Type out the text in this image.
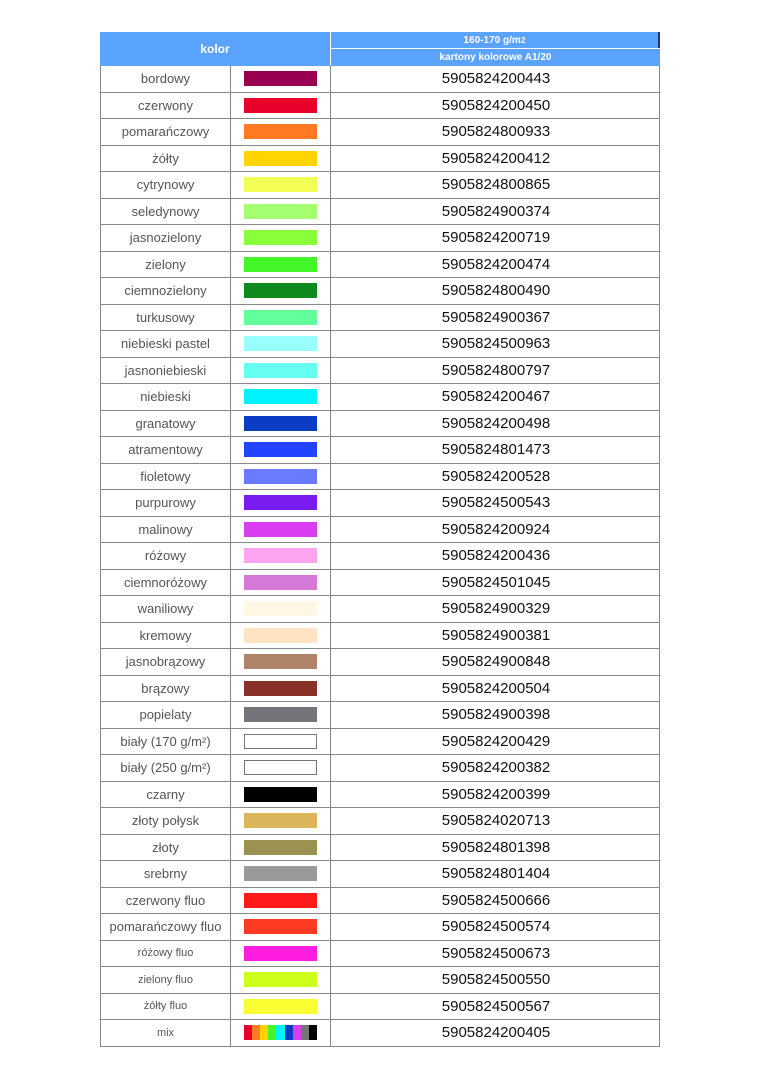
kolor
160-170 g/m 2
kartony kolorowe A1/20
bordowy	5905824200443
czerwony	5905824200450
pomarańczowy	5905824800933
żółty	5905824200412
cytrynowy	5905824800865
seledynowy	5905824900374
jasnozielony	5905824200719
zielony	5905824200474
ciemnozielony	5905824800490
turkusowy	5905824900367
niebieski pastel	5905824500963
jasnoniebieski	5905824800797
niebieski	5905824200467
granatowy	5905824200498
atramentowy	5905824801473
fioletowy	5905824200528
purpurowy	5905824500543
malinowy	5905824200924
różowy	5905824200436
ciemnoróżowy	5905824501045
waniliowy	5905824900329
kremowy	5905824900381
jasnobrązowy	5905824900848
brązowy	5905824200504
popielaty	5905824900398
biały (170 g/m²)	5905824200429
biały (250 g/m²)	5905824200382
czarny	5905824200399
złoty połysk	5905824020713
złoty	5905824801398
srebrny	5905824801404
czerwony fluo	5905824500666
pomarańczowy fluo	5905824500574
różowy fluo	5905824500673
zielony fluo	5905824500550
żółty fluo	5905824500567
mix	5905824200405
